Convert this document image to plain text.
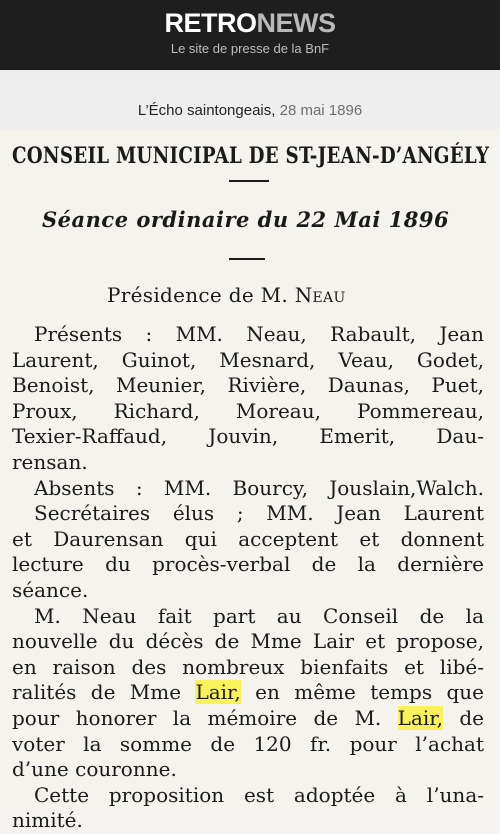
RETRONEWS
Le site de presse de la BnF
L’Écho saintongeais, 28 mai 1896
CONSEIL MUNICIPAL DE ST-JEAN-D’ANGÉLY
Séance ordinaire du 22 Mai 1896
Présidence de M. Neau
Présents : MM. Neau, Rabault, Jean
Laurent, Guinot, Mesnard, Veau, Godet,
Benoist, Meunier, Rivière, Daunas, Puet,
Proux, Richard, Moreau, Pommereau,
Texier-Raffaud, Jouvin, Emerit, Dau-
rensan.
Absents : MM. Bourcy, Jouslain,Walch.
Secrétaires élus ; MM. Jean Laurent
et Daurensan qui acceptent et donnent
lecture du procès-verbal de la dernière
séance.
M. Neau fait part au Conseil de la
nouvelle du décès de Mme Lair et propose,
en raison des nombreux bienfaits et libé-
ralités de Mme Lair, en même temps que
pour honorer la mémoire de M. Lair, de
voter la somme de 120 fr. pour l’achat
d’une couronne.
Cette proposition est adoptée à l’una-
nimité.
